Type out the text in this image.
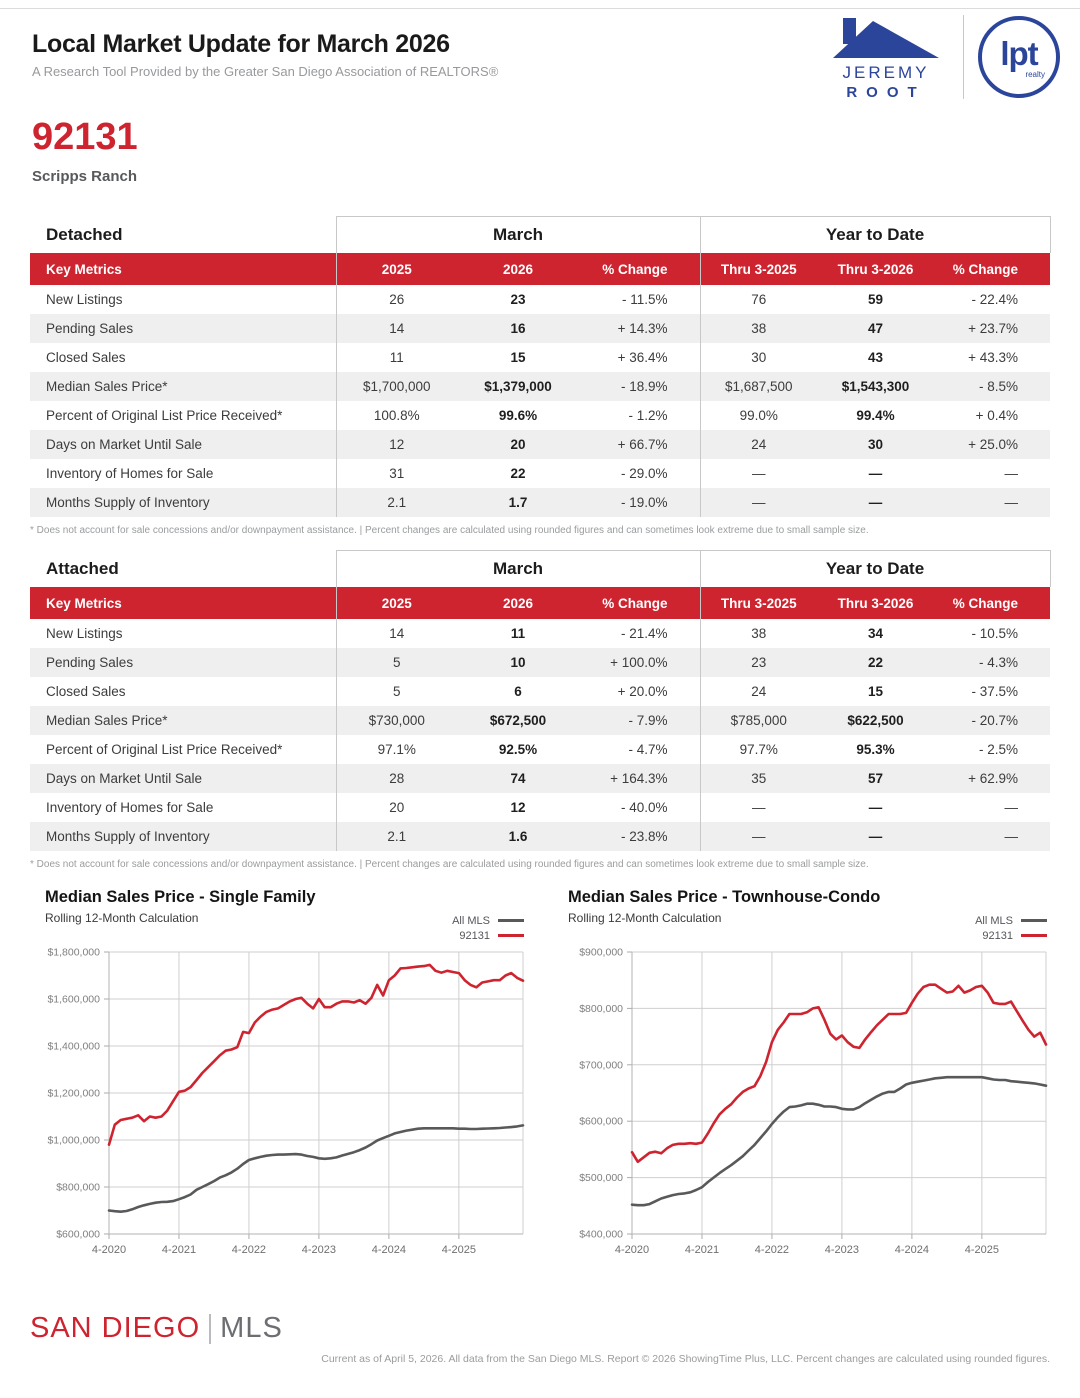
Local Market Update for March 2026

A Research Tool Provided by the Greater San Diego Association of REALTORS®	JEREMY
ROOT
lpt
realty
92131
Scripps Ranch
Detached	March			Year to Date		
Key Metrics	2025	2026	% Change	Thru 3-2025	Thru 3-2026	% Change
New Listings	26	23	- 11.5%	76	59	- 22.4%
Pending Sales	14	16	+ 14.3%	38	47	+ 23.7%
Closed Sales	11	15	+ 36.4%	30	43	+ 43.3%
Median Sales Price*	$1,700,000	$1,379,000	- 18.9%	$1,687,500	$1,543,300	- 8.5%
Percent of Original List Price Received*	100.8%	99.6%	- 1.2%	99.0%	99.4%	+ 0.4%
Days on Market Until Sale	12	20	+ 66.7%	24	30	+ 25.0%
Inventory of Homes for Sale	31	22	- 29.0%	—	—	—
Months Supply of Inventory	2.1	1.7	- 19.0%	—	—	—
* Does not account for sale concessions and/or downpayment assistance. | Percent changes are calculated using rounded figures and can sometimes look extreme due to small sample size.
Attached	March			Year to Date		
Key Metrics	2025	2026	% Change	Thru 3-2025	Thru 3-2026	% Change
New Listings	14	11	- 21.4%	38	34	- 10.5%
Pending Sales	5	10	+ 100.0%	23	22	- 4.3%
Closed Sales	5	6	+ 20.0%	24	15	- 37.5%
Median Sales Price*	$730,000	$672,500	- 7.9%	$785,000	$622,500	- 20.7%
Percent of Original List Price Received*	97.1%	92.5%	- 4.7%	97.7%	95.3%	- 2.5%
Days on Market Until Sale	28	74	+ 164.3%	35	57	+ 62.9%
Inventory of Homes for Sale	20	12	- 40.0%	—	—	—
Months Supply of Inventory	2.1	1.6	- 23.8%	—	—	—
* Does not account for sale concessions and/or downpayment assistance. | Percent changes are calculated using rounded figures and can sometimes look extreme due to small sample size.
Median Sales Price - Single Family
Rolling 12-Month Calculation	All MLS
92131
$1,800,000
$1,600,000
$1,400,000
$1,200,000
$1,000,000
$800,000
$600,000
4-2020	4-2021	4-2022	4-2023	4-2024	4-2025
Median Sales Price - Townhouse-Condo
Rolling 12-Month Calculation	All MLS
92131
$900,000
$800,000
$700,000
$600,000
$500,000
$400,000
4-2020	4-2021	4-2022	4-2023	4-2024	4-2025
SAN DIEGO MLS
Current as of April 5, 2026. All data from the San Diego MLS. Report © 2026 ShowingTime Plus, LLC. Percent changes are calculated using rounded figures.
